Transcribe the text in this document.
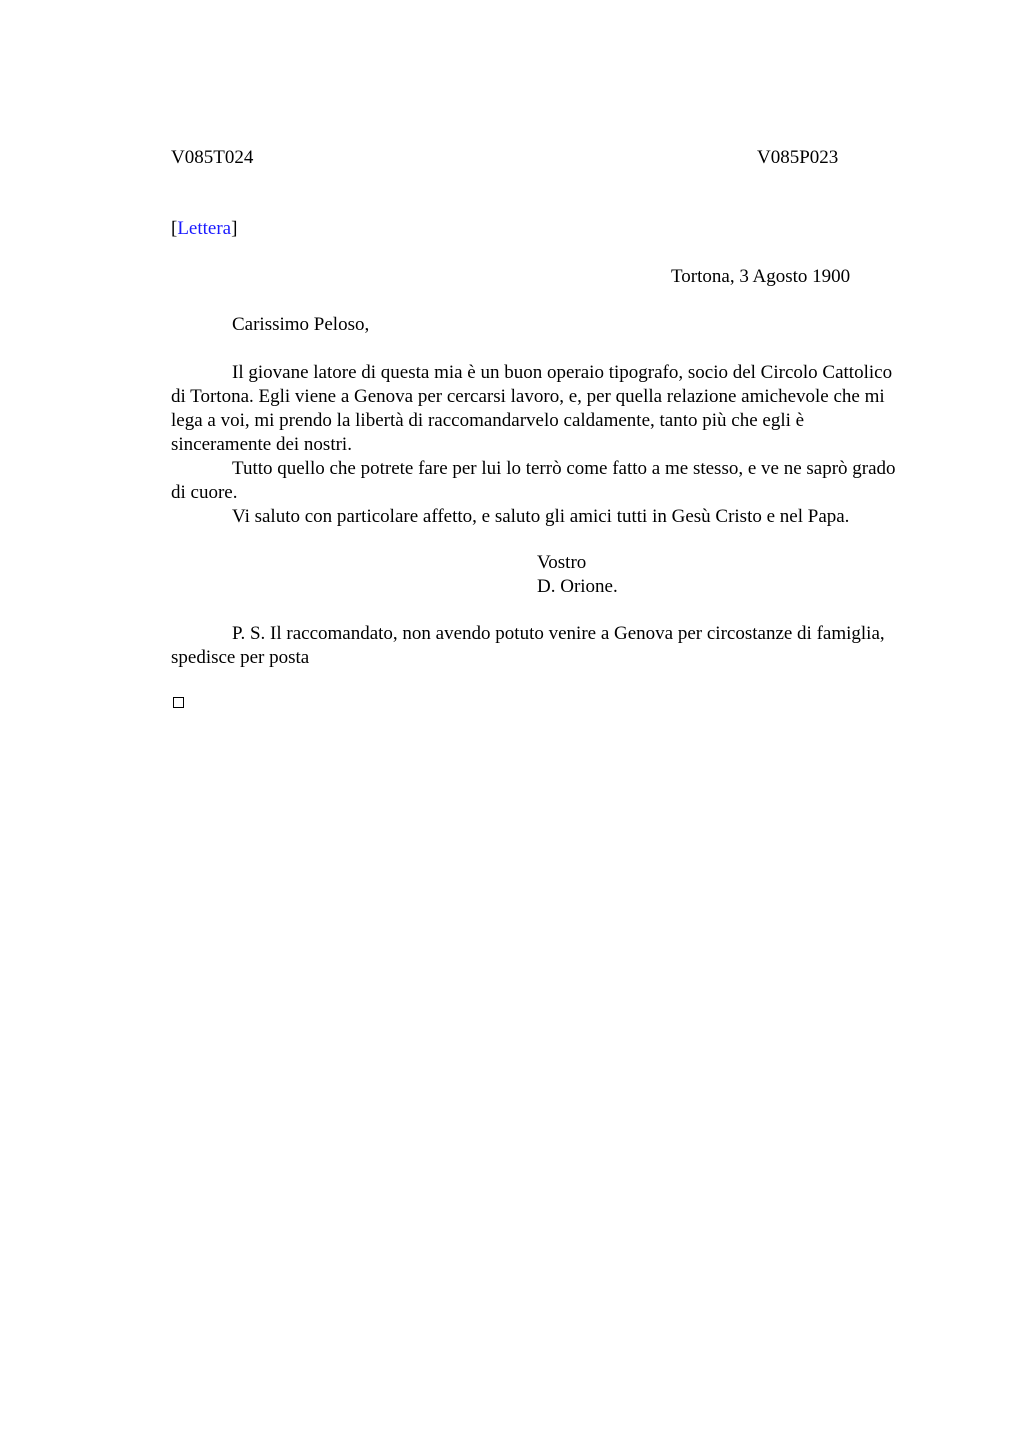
V085T024	V085P023
[Lettera]
Tortona, 3 Agosto 1900
Carissimo Peloso,

Il giovane latore di questa mia è un buon operaio tipografo, socio del Circolo Cattolico di Tortona. Egli viene a Genova per cercarsi lavoro, e, per quella relazione amichevole che mi lega a voi, mi prendo la libertà di raccomandarvelo caldamente, tanto più che egli è sinceramente dei nostri.

Tutto quello che potrete fare per lui lo terrò come fatto a me stesso, e ve ne saprò grado di cuore.

Vi saluto con particolare affetto, e saluto gli amici tutti in Gesù Cristo e nel Papa.

Vostro
D. Orione.

P. S. Il raccomandato, non avendo potuto venire a Genova per circostanze di famiglia, spedisce per posta
